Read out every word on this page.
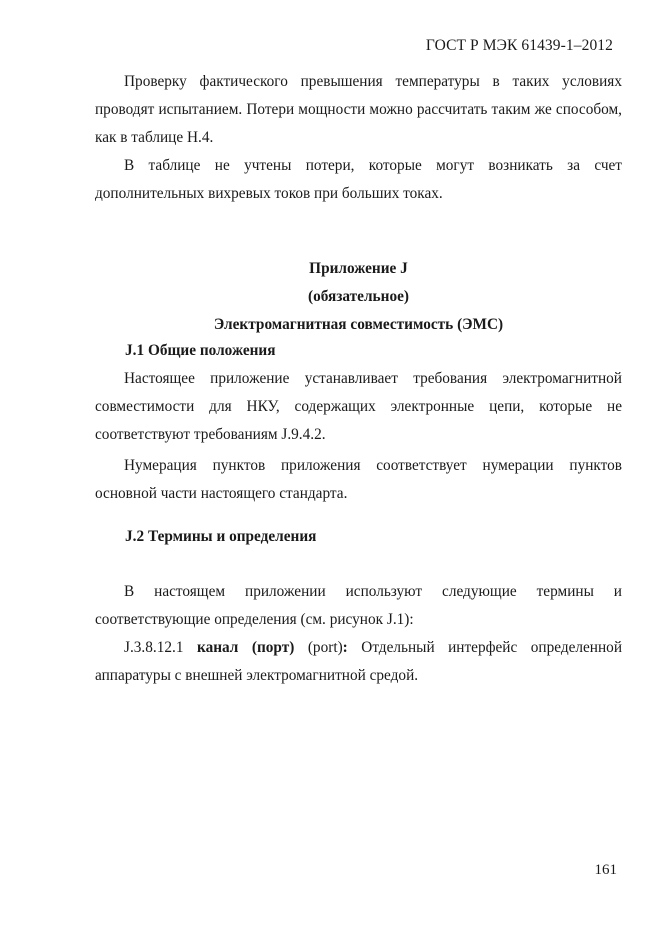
ГОСТ Р МЭК 61439-1–2012

Проверку фактического превышения температуры в таких условиях проводят испытанием. Потери мощности можно рассчитать таким же способом, как в таблице H.4.

В таблице не учтены потери, которые могут возникать за счет дополнительных вихревых токов при больших токах.

Приложение J
(обязательное)
Электромагнитная совместимость (ЭМС)
J.1 Общие положения

Настоящее приложение устанавливает требования электромагнитной совместимости для НКУ, содержащих электронные цепи, которые не соответствуют требованиям J.9.4.2.

Нумерация пунктов приложения соответствует нумерации пунктов основной части настоящего стандарта.

J.2 Термины и определения

В настоящем приложении используют следующие термины и соответствующие определения (см. рисунок J.1):

J.3.8.12.1 канал (порт) (port): Отдельный интерфейс определенной аппаратуры с внешней электромагнитной средой.

161
